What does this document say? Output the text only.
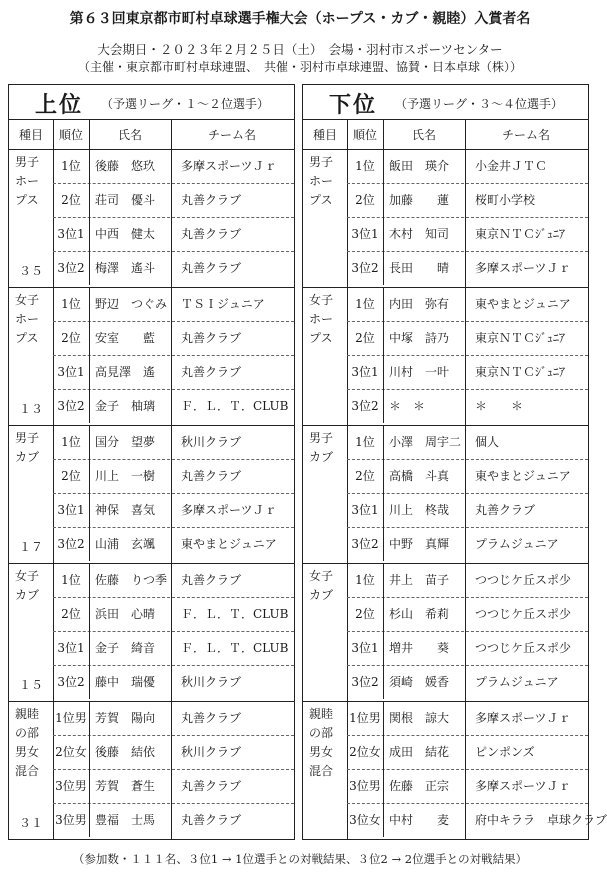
第６３回東京都市町村卓球選手権大会（ホープス・カブ・親睦）入賞者名
大会期日・２０２３年２月２５日（土）　会場・羽村市スポーツセンター
（主催・東京都市町村卓球連盟、　共催・羽村市卓球連盟、協賛・日本卓球（株））
上位 （予選リーグ・１～２位選手）
種目	順位	氏名	チーム名
男子ホープス
３５
1位	後藤　悠玖	多摩スポーツＪｒ
2位	荘司　優斗	丸善クラブ
3位1 中西　健太	丸善クラブ
3位2 梅澤　遙斗	丸善クラブ
女子ホープス
１３
1位	野辺　つぐみ	ＴＳＩジュニア
2位	安室　　藍	丸善クラブ
3位1 高見澤　遙	丸善クラブ
3位2 金子　柚璃	Ｆ．Ｌ．Ｔ．CLUB
男子カブ
１７
1位	国分　望夢	秋川クラブ
2位	川上　一樹	丸善クラブ
3位1 神保　喜気	多摩スポーツＪｒ
3位2 山浦　玄颯	東やまとジュニア
女子カブ
１５
1位	佐藤　りつ季	丸善クラブ
2位	浜田　心晴	Ｆ．Ｌ．Ｔ．CLUB
3位1 金子　綺音	Ｆ．Ｌ．Ｔ．CLUB
3位2 藤中　瑞優	秋川クラブ
親睦の部男女混合
３１
1位男 芳賀　陽向	丸善クラブ
2位女 後藤　結依	秋川クラブ
3位男 芳賀　蒼生	丸善クラブ
3位男 豊福　士馬	丸善クラブ
下位 （予選リーグ・３～４位選手）
種目	順位	氏名	チーム名
男子ホープス
1位	飯田　瑛介	小金井ＪＴＣ
2位	加藤　　蓮	桜町小学校
3位1 木村　知司	東京ＮＴＣｼﾞｭﾆｱ
3位2 長田　　晴	多摩スポーツＪｒ
女子ホープス
1位	内田　弥有	東やまとジュニア
2位	中塚　詩乃	東京ＮＴＣｼﾞｭﾆｱ
3位1 川村　一叶	東京ＮＴＣｼﾞｭﾆｱ
3位2 ＊　＊	＊　　＊
男子カブ
1位	小澤　周宇二	個人
2位	高橋　斗真	東やまとジュニア
3位1 川上　柊哉	丸善クラブ
3位2 中野　真輝	プラムジュニア
女子カブ
1位	井上　苗子	つつじケ丘スポ少
2位	杉山　希莉	つつじケ丘スポ少
3位1 増井　　葵	つつじケ丘スポ少
3位2 須崎　媛香	プラムジュニア
親睦の部男女混合
1位男 関根　諒大	多摩スポーツＪｒ
2位女 成田　結花	ピンポンズ
3位男 佐藤　正宗	多摩スポーツＪｒ
3位女 中村　　麦	府中キララ　卓球クラブ
（参加数・１１１名、３位1 → 1位選手との対戦結果、３位2 → 2位選手との対戦結果）
